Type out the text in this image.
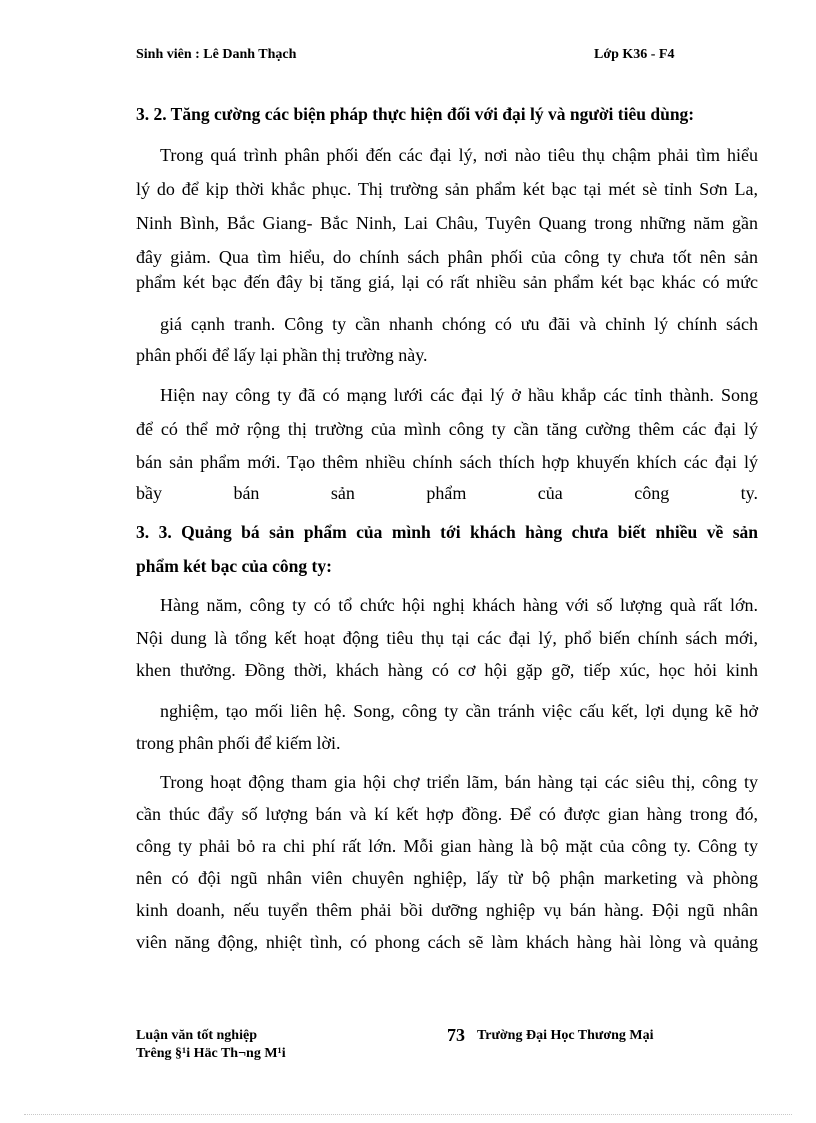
Sinh viên : Lê Danh Thạch	Lớp K36 - F4
3. 2. Tăng cường các biện pháp thực hiện đối với đại lý và người tiêu dùng:
Trong quá trình phân phối đến các đại lý, nơi nào tiêu thụ chậm phải tìm hiểu
lý do để kịp thời khắc phục. Thị trường sản phẩm két bạc tại mét sè tỉnh Sơn La,
Ninh Bình, Bắc Giang- Bắc Ninh, Lai Châu, Tuyên Quang trong những năm gần
đây giảm. Qua tìm hiểu, do chính sách phân phối của công ty chưa tốt nên sản
phẩm két bạc đến đây bị tăng giá, lại có rất nhiều sản phẩm két bạc khác có mức
giá cạnh tranh. Công ty cần nhanh chóng có ưu đãi và chỉnh lý chính sách
phân phối để lấy lại phần thị trường này.
Hiện nay công ty đã có mạng lưới các đại lý ở hầu khắp các tỉnh thành. Song
để có thể mở rộng thị trường của mình công ty cần tăng cường thêm các đại lý
bán sản phẩm mới. Tạo thêm nhiều chính sách thích hợp khuyến khích các đại lý
bầy bán sản phẩm của công ty.
3. 3. Quảng bá sản phẩm của mình tới khách hàng chưa biết nhiều về sản
phẩm két bạc của công ty:
Hàng năm, công ty có tổ chức hội nghị khách hàng với số lượng quà rất lớn.
Nội dung là tổng kết hoạt động tiêu thụ tại các đại lý, phổ biến chính sách mới,
khen thưởng. Đồng thời, khách hàng có cơ hội gặp gỡ, tiếp xúc, học hỏi kinh
nghiệm, tạo mối liên hệ. Song, công ty cần tránh việc cấu kết, lợi dụng kẽ hở
trong phân phối để kiếm lời.
Trong hoạt động tham gia hội chợ triển lãm, bán hàng tại các siêu thị, công ty
cần thúc đẩy số lượng bán và kí kết hợp đồng. Để có được gian hàng trong đó,
công ty phải bỏ ra chi phí rất lớn. Mỗi gian hàng là bộ mặt của công ty. Công ty
nên có đội ngũ nhân viên chuyên nghiệp, lấy từ bộ phận marketing và phòng
kinh doanh, nếu tuyển thêm phải bồi dưỡng nghiệp vụ bán hàng. Đội ngũ nhân
viên năng động, nhiệt tình, có phong cách sẽ làm khách hàng hài lòng và quảng
Luận văn tốt nghiệp
Trêng §¹i Häc Th¬ng M¹i
73 Trường Đại Học Thương Mại
